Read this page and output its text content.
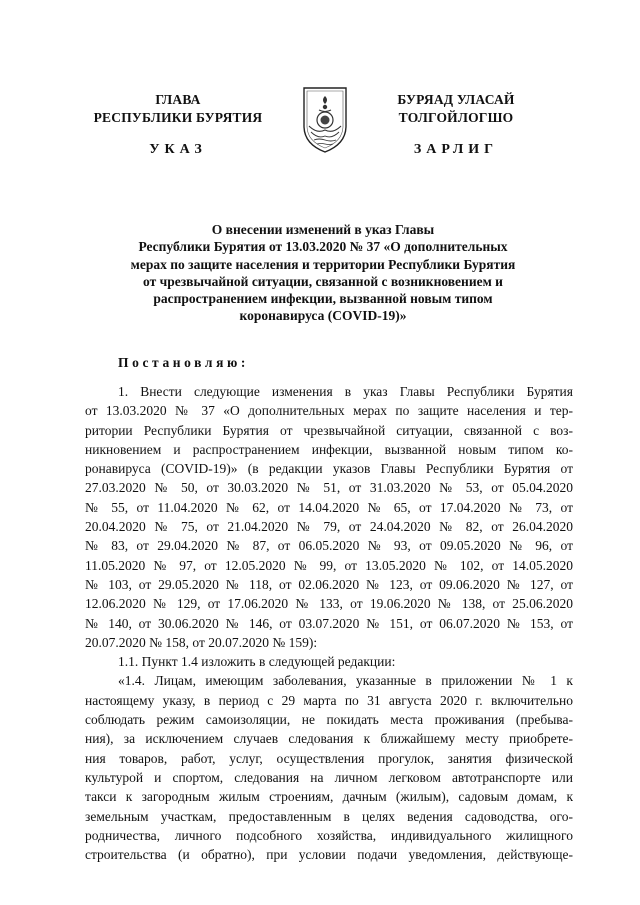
ГЛАВА
РЕСПУБЛИКИ БУРЯТИЯ
УКАЗ
БУРЯАД УЛАСАЙ
ТОЛГОЙЛОГШО
ЗАРЛИГ
О внесении изменений в указ Главы
Республики Бурятия от 13.03.2020 № 37 «О дополнительных
мерах по защите населения и территории Республики Бурятия
от чрезвычайной ситуации, связанной с возникновением и
распространением инфекции, вызванной новым типом
коронавируса (COVID-19)»
Постановляю:
1. Внести следующие изменения в указ Главы Республики Бурятия
от 13.03.2020 № 37 «О дополнительных мерах по защите населения и тер-
ритории Республики Бурятия от чрезвычайной ситуации, связанной с воз-
никновением и распространением инфекции, вызванной новым типом ко-
ронавируса (COVID-19)» (в редакции указов Главы Республики Бурятия от
27.03.2020 № 50, от 30.03.2020 № 51, от 31.03.2020 № 53, от 05.04.2020
№ 55, от 11.04.2020 № 62, от 14.04.2020 № 65, от 17.04.2020 № 73, от
20.04.2020 № 75, от 21.04.2020 № 79, от 24.04.2020 № 82, от 26.04.2020
№ 83, от 29.04.2020 № 87, от 06.05.2020 № 93, от 09.05.2020 № 96, от
11.05.2020 № 97, от 12.05.2020 № 99, от 13.05.2020 № 102, от 14.05.2020
№ 103, от 29.05.2020 № 118, от 02.06.2020 № 123, от 09.06.2020 № 127, от
12.06.2020 № 129, от 17.06.2020 № 133, от 19.06.2020 № 138, от 25.06.2020
№ 140, от 30.06.2020 № 146, от 03.07.2020 № 151, от 06.07.2020 № 153, от
20.07.2020 № 158, от 20.07.2020 № 159):
1.1. Пункт 1.4 изложить в следующей редакции:
«1.4. Лицам, имеющим заболевания, указанные в приложении № 1 к
настоящему указу, в период с 29 марта по 31 августа 2020 г. включительно
соблюдать режим самоизоляции, не покидать места проживания (пребыва-
ния), за исключением случаев следования к ближайшему месту приобрете-
ния товаров, работ, услуг, осуществления прогулок, занятия физической
культурой и спортом, следования на личном легковом автотранспорте или
такси к загородным жилым строениям, дачным (жилым), садовым домам, к
земельным участкам, предоставленным в целях ведения садоводства, ого-
родничества, личного подсобного хозяйства, индивидуального жилищного
строительства (и обратно), при условии подачи уведомления, действующе-
